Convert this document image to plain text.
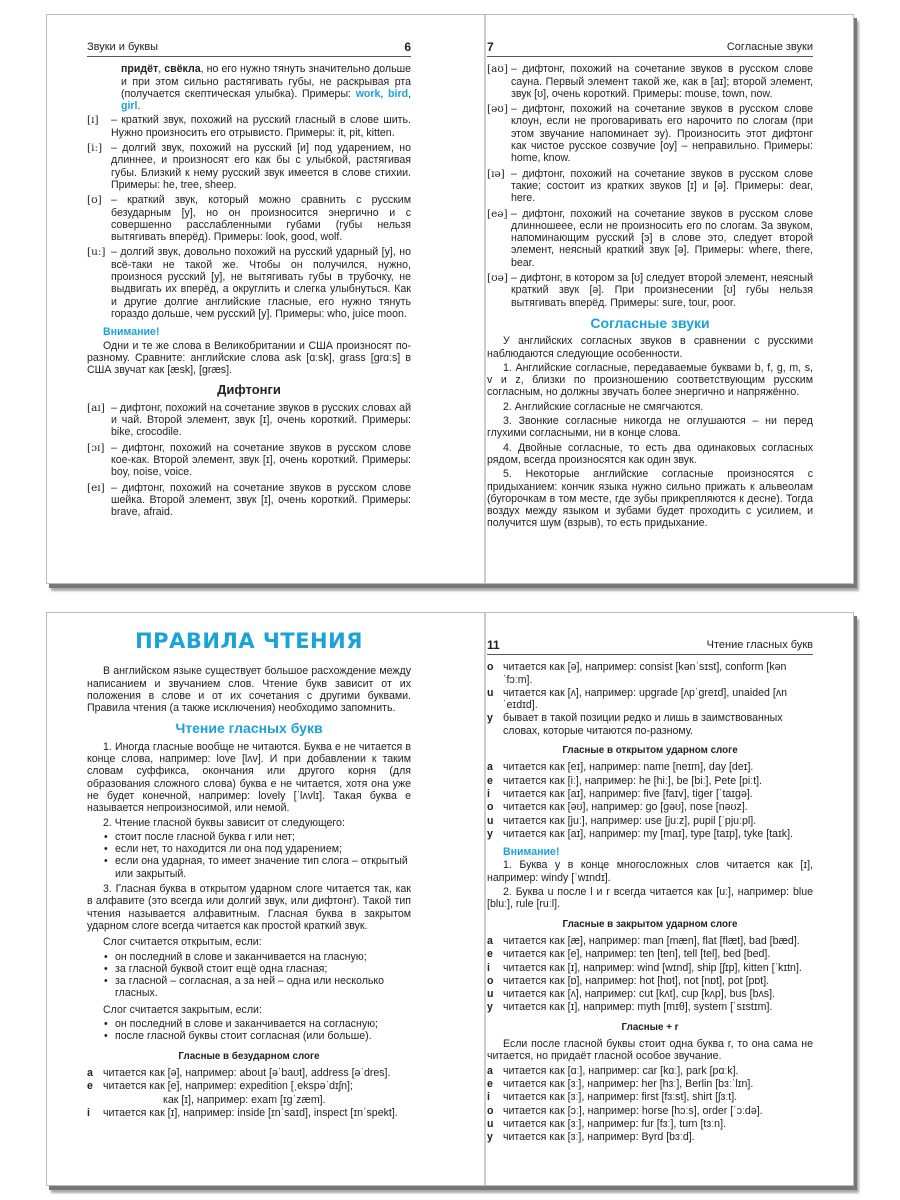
Звуки и буквы	6

придёт, свёкла, но его нужно тянуть значительно дольше и при этом сильно растягивать губы, не раскрывая рта (получается скептическая улыбка). Примеры: work, bird, girl.

[ɪ]	– краткий звук, похожий на русский гласный в слове шить. Нужно произносить его отрывисто. Примеры: it, pit, kitten.
[iː] – долгий звук, похожий на русский [и] под ударением, но длиннее, и произносят его как бы с улыбкой, растягивая губы. Близкий к нему русский звук имеется в слове стихии. Примеры: he, tree, sheep.
[ʊ] – краткий звук, который можно сравнить с русским безударным [у], но он произносится энергично и с совершенно расслабленными губами (губы нельзя вытягивать вперёд). Примеры: look, good, wolf.
[uː] – долгий звук, довольно похожий на русский ударный [у], но всё-таки не такой же. Чтобы он получился, нужно, произнося русский [у], не вытягивать губы в трубочку, не выдвигать их вперёд, а округлить и слегка улыбнуться. Как и другие долгие английские гласные, его нужно тянуть гораздо дольше, чем русский [у]. Примеры: who, juice moon.
Внимание!

Одни и те же слова в Великобритании и США произносят по-разному. Сравните: английские слова ask [ɑːsk], grass [ɡrɑːs] в США звучат как [æsk], [ɡræs].

Дифтонги
[aɪ] – дифтонг, похожий на сочетание звуков в русских словах ай и чай. Второй элемент, звук [ɪ], очень короткий. Примеры: bike, crocodile.
[ɔɪ] – дифтонг, похожий на сочетание звуков в русском слове кое-как. Второй элемент, звук [ɪ], очень короткий. Примеры: boy, noise, voice.
[eɪ] – дифтонг, похожий на сочетание звуков в русском слове шейка. Второй элемент, звук [ɪ], очень короткий. Примеры: brave, afraid.
7	Согласные звуки
[aʊ] – дифтонг, похожий на сочетание звуков в русском слове сауна. Первый элемент такой же, как в [aɪ]; второй элемент, звук [ʊ], очень короткий. Примеры: mouse, town, now.
[əʊ] – дифтонг, похожий на сочетание звуков в русском слове клоун, если не проговаривать его нарочито по слогам (при этом звучание напоминает эу). Произносить этот дифтонг как чистое русское созвучие [оу] – неправильно. Примеры: home, know.
[ɪə] – дифтонг, похожий на сочетание звуков в русском слове такие; состоит из кратких звуков [ɪ] и [ə]. Примеры: dear, here.
[eə] – дифтонг, похожий на сочетание звуков в русском слове длинношеее, если не произносить его по слогам. За звуком, напоминающим русский [э] в слове это, следует второй элемент, неясный краткий звук [ə]. Примеры: where, there, bear.
[ʊə] – дифтонг, в котором за [ʊ] следует второй элемент, неясный краткий звук [ə]. При произнесении [ʊ] губы нельзя вытягивать вперёд. Примеры: sure, tour, poor.
Согласные звуки

У английских согласных звуков в сравнении с русскими наблюдаются следующие особенности.

1. Английские согласные, передаваемые буквами b, f, g, m, s, v и z, близки по произношению соответствующим русским согласным, но должны звучать более энергично и напряжённо.

2. Английские согласные не смягчаются.

3. Звонкие согласные никогда не оглушаются – ни перед глухими согласными, ни в конце слова.

4. Двойные согласные, то есть два одинаковых согласных рядом, всегда произносятся как один звук.

5. Некоторые английские согласные произносятся с придыханием: кончик языка нужно сильно прижать к альвеолам (бугорочкам в том месте, где зубы прикрепляются к десне). Тогда воздух между языком и зубами будет проходить с усилием, и получится шум (взрыв), то есть придыхание.

ПРАВИЛА ЧТЕНИЯ

В английском языке существует большое расхождение между написанием и звучанием слов. Чтение букв зависит от их положения в слове и от их сочетания с другими буквами. Правила чтения (а также исключения) необходимо запомнить.

Чтение гласных букв

1. Иногда гласные вообще не читаются. Буква e не читается в конце слова, например: love [lʌv]. И при добавлении к таким словам суффикса, окончания или другого корня (для образования сложного слова) буква e не читается, хотя она уже не будет конечной, например: lovely [ˈlʌvlɪ]. Такая буква e называется непроизносимой, или немой.

2. Чтение гласной буквы зависит от следующего:

• стоит после гласной буква r или нет;
• если нет, то находится ли она под ударением;
• если она ударная, то имеет значение тип слога – открытый или закрытый.

3. Гласная буква в открытом ударном слоге читается так, как в алфавите (это всегда или долгий звук, или дифтонг). Такой тип чтения называется алфавитным. Гласная буква в закрытом ударном слоге всегда читается как простой краткий звук.

Слог считается открытым, если:

• он последний в слове и заканчивается на гласную;
• за гласной буквой стоит ещё одна гласная;
• за гласной – согласная, а за ней – одна или несколько гласных.

Слог считается закрытым, если:

• он последний в слове и заканчивается на согласную;
• после гласной буквы стоит согласная (или больше).
Гласные в безударном слоге
a читается как [ə], например: about [əˈbaʊt], address [əˈdres].
e читается как [e], например: expedition [ˌekspəˈdɪʃn];
как [ɪ], например: exam [ɪɡˈzæm].
i	читается как [ɪ], например: inside [ɪnˈsaɪd], inspect [ɪnˈspekt].
11	Чтение гласных букв
o читается как [ə], например: consist [kənˈsɪst], conform [kənˈfɔːm].
u читается как [ʌ], например: upgrade [ʌpˈɡreɪd], unaided [ʌnˈeɪdɪd].
y бывает в такой позиции редко и лишь в заимствованных словах, которые читаются по-разному.
Гласные в открытом ударном слоге
a читается как [eɪ], например: name [neɪm], day [deɪ].
e читается как [iː], например: he [hiː], be [biː], Pete [piːt].
i	читается как [aɪ], например: five [faɪv], tiger [ˈtaɪɡə].
o читается как [əʊ], например: go [ɡəʊ], nose [nəʊz].
u читается как [juː], например: use [juːz], pupil [ˈpjuːpl].
y читается как [aɪ], например: my [maɪ], type [taɪp], tyke [taɪk].
Внимание!

1. Буква y в конце многосложных слов читается как [ɪ], например: windy [ˈwɪndɪ].

2. Буква u после l и r всегда читается как [uː], например: blue [bluː], rule [ruːl].

Гласные в закрытом ударном слоге
a читается как [æ], например: man [mæn], flat [flæt], bad [bæd].
e читается как [e], например: ten [ten], tell [tel], bed [bed].
i	читается как [ɪ], например: wind [wɪnd], ship [ʃɪp], kitten [ˈkɪtn].
o читается как [ɒ], например: hot [hɒt], not [nɒt], pot [pɒt].
u читается как [ʌ], например: cut [kʌt], cup [kʌp], bus [bʌs].
y читается как [ɪ], например: myth [mɪθ], system [ˈsɪstɪm].
Гласные + r

Если после гласной буквы стоит одна буква r, то она сама не читается, но придаёт гласной особое звучание.

a читается как [ɑː], например: car [kɑː], park [pɑːk].
e читается как [ɜː], например: her [hɜː], Berlin [bɜːˈlɪn].
i	читается как [ɜː], например: first [fɜːst], shirt [ʃɜːt].
o читается как [ɔː], например: horse [hɔːs], order [ˈɔːdə].
u читается как [ɜː], например: fur [fɜː], turn [tɜːn].
y читается как [ɜː], например: Byrd [bɜːd].
